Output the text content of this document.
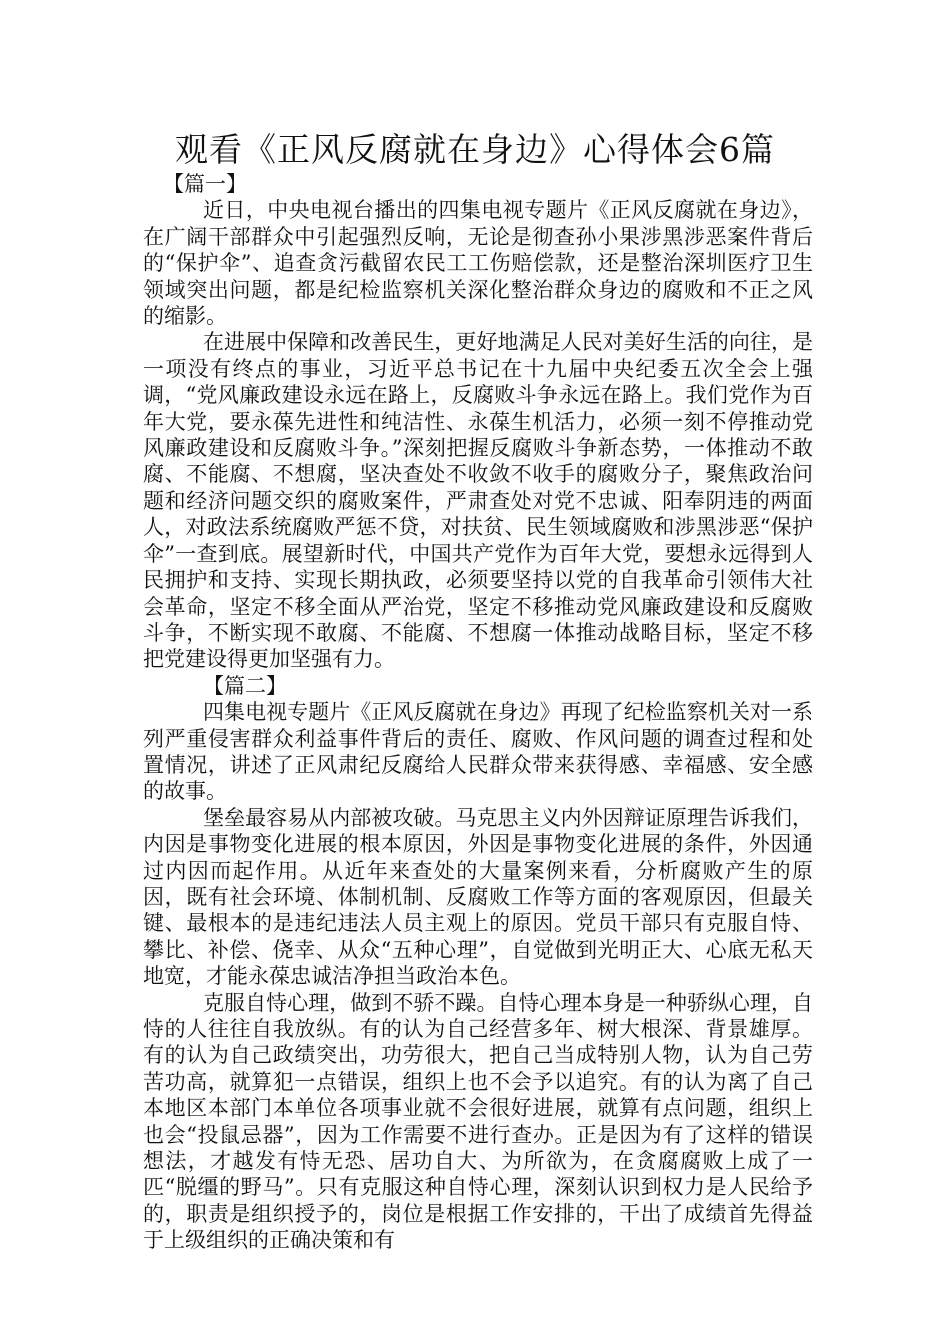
观看《正风反腐就在身边》心得体会6篇

【篇一】

近日，中央电视台播出的四集电视专题片《正风反腐就在身边》，在广阔干部群众中引起强烈反响，无论是彻查孙小果涉黑涉恶案件背后的“保护伞”、追查贪污截留农民工工伤赔偿款，还是整治深圳医疗卫生领域突出问题，都是纪检监察机关深化整治群众身边的腐败和不正之风的缩影。

在进展中保障和改善民生，更好地满足人民对美好生活的向往，是一项没有终点的事业，习近平总书记在十九届中央纪委五次全会上强调，“党风廉政建设永远在路上，反腐败斗争永远在路上。我们党作为百年大党，要永葆先进性和纯洁性、永葆生机活力，必须一刻不停推动党风廉政建设和反腐败斗争。”深刻把握反腐败斗争新态势，一体推动不敢腐、不能腐、不想腐，坚决查处不收敛不收手的腐败分子，聚焦政治问题和经济问题交织的腐败案件，严肃查处对党不忠诚、阳奉阴违的两面人，对政法系统腐败严惩不贷，对扶贫、民生领域腐败和涉黑涉恶“保护伞”一查到底。展望新时代，中国共产党作为百年大党，要想永远得到人民拥护和支持、实现长期执政，必须要坚持以党的自我革命引领伟大社会革命，坚定不移全面从严治党，坚定不移推动党风廉政建设和反腐败斗争，不断实现不敢腐、不能腐、不想腐一体推动战略目标，坚定不移把党建设得更加坚强有力。

【篇二】

四集电视专题片《正风反腐就在身边》再现了纪检监察机关对一系列严重侵害群众利益事件背后的责任、腐败、作风问题的调查过程和处置情况，讲述了正风肃纪反腐给人民群众带来获得感、幸福感、安全感的故事。

堡垒最容易从内部被攻破。马克思主义内外因辩证原理告诉我们，内因是事物变化进展的根本原因，外因是事物变化进展的条件，外因通过内因而起作用。从近年来查处的大量案例来看，分析腐败产生的原因，既有社会环境、体制机制、反腐败工作等方面的客观原因，但最关键、最根本的是违纪违法人员主观上的原因。党员干部只有克服自恃、攀比、补偿、侥幸、从众“五种心理”，自觉做到光明正大、心底无私天地宽，才能永葆忠诚洁净担当政治本色。

克服自恃心理，做到不骄不躁。自恃心理本身是一种骄纵心理，自恃的人往往自我放纵。有的认为自己经营多年、树大根深、背景雄厚。有的认为自己政绩突出，功劳很大，把自己当成特别人物，认为自己劳苦功高，就算犯一点错误，组织上也不会予以追究。有的认为离了自己本地区本部门本单位各项事业就不会很好进展，就算有点问题，组织上也会“投鼠忌器”，因为工作需要不进行查办。正是因为有了这样的错误想法，才越发有恃无恐、居功自大、为所欲为，在贪腐腐败上成了一匹“脱缰的野马”。只有克服这种自恃心理，深刻认识到权力是人民给予的，职责是组织授予的，岗位是根据工作安排的，干出了成绩首先得益于上级组织的正确决策和有
